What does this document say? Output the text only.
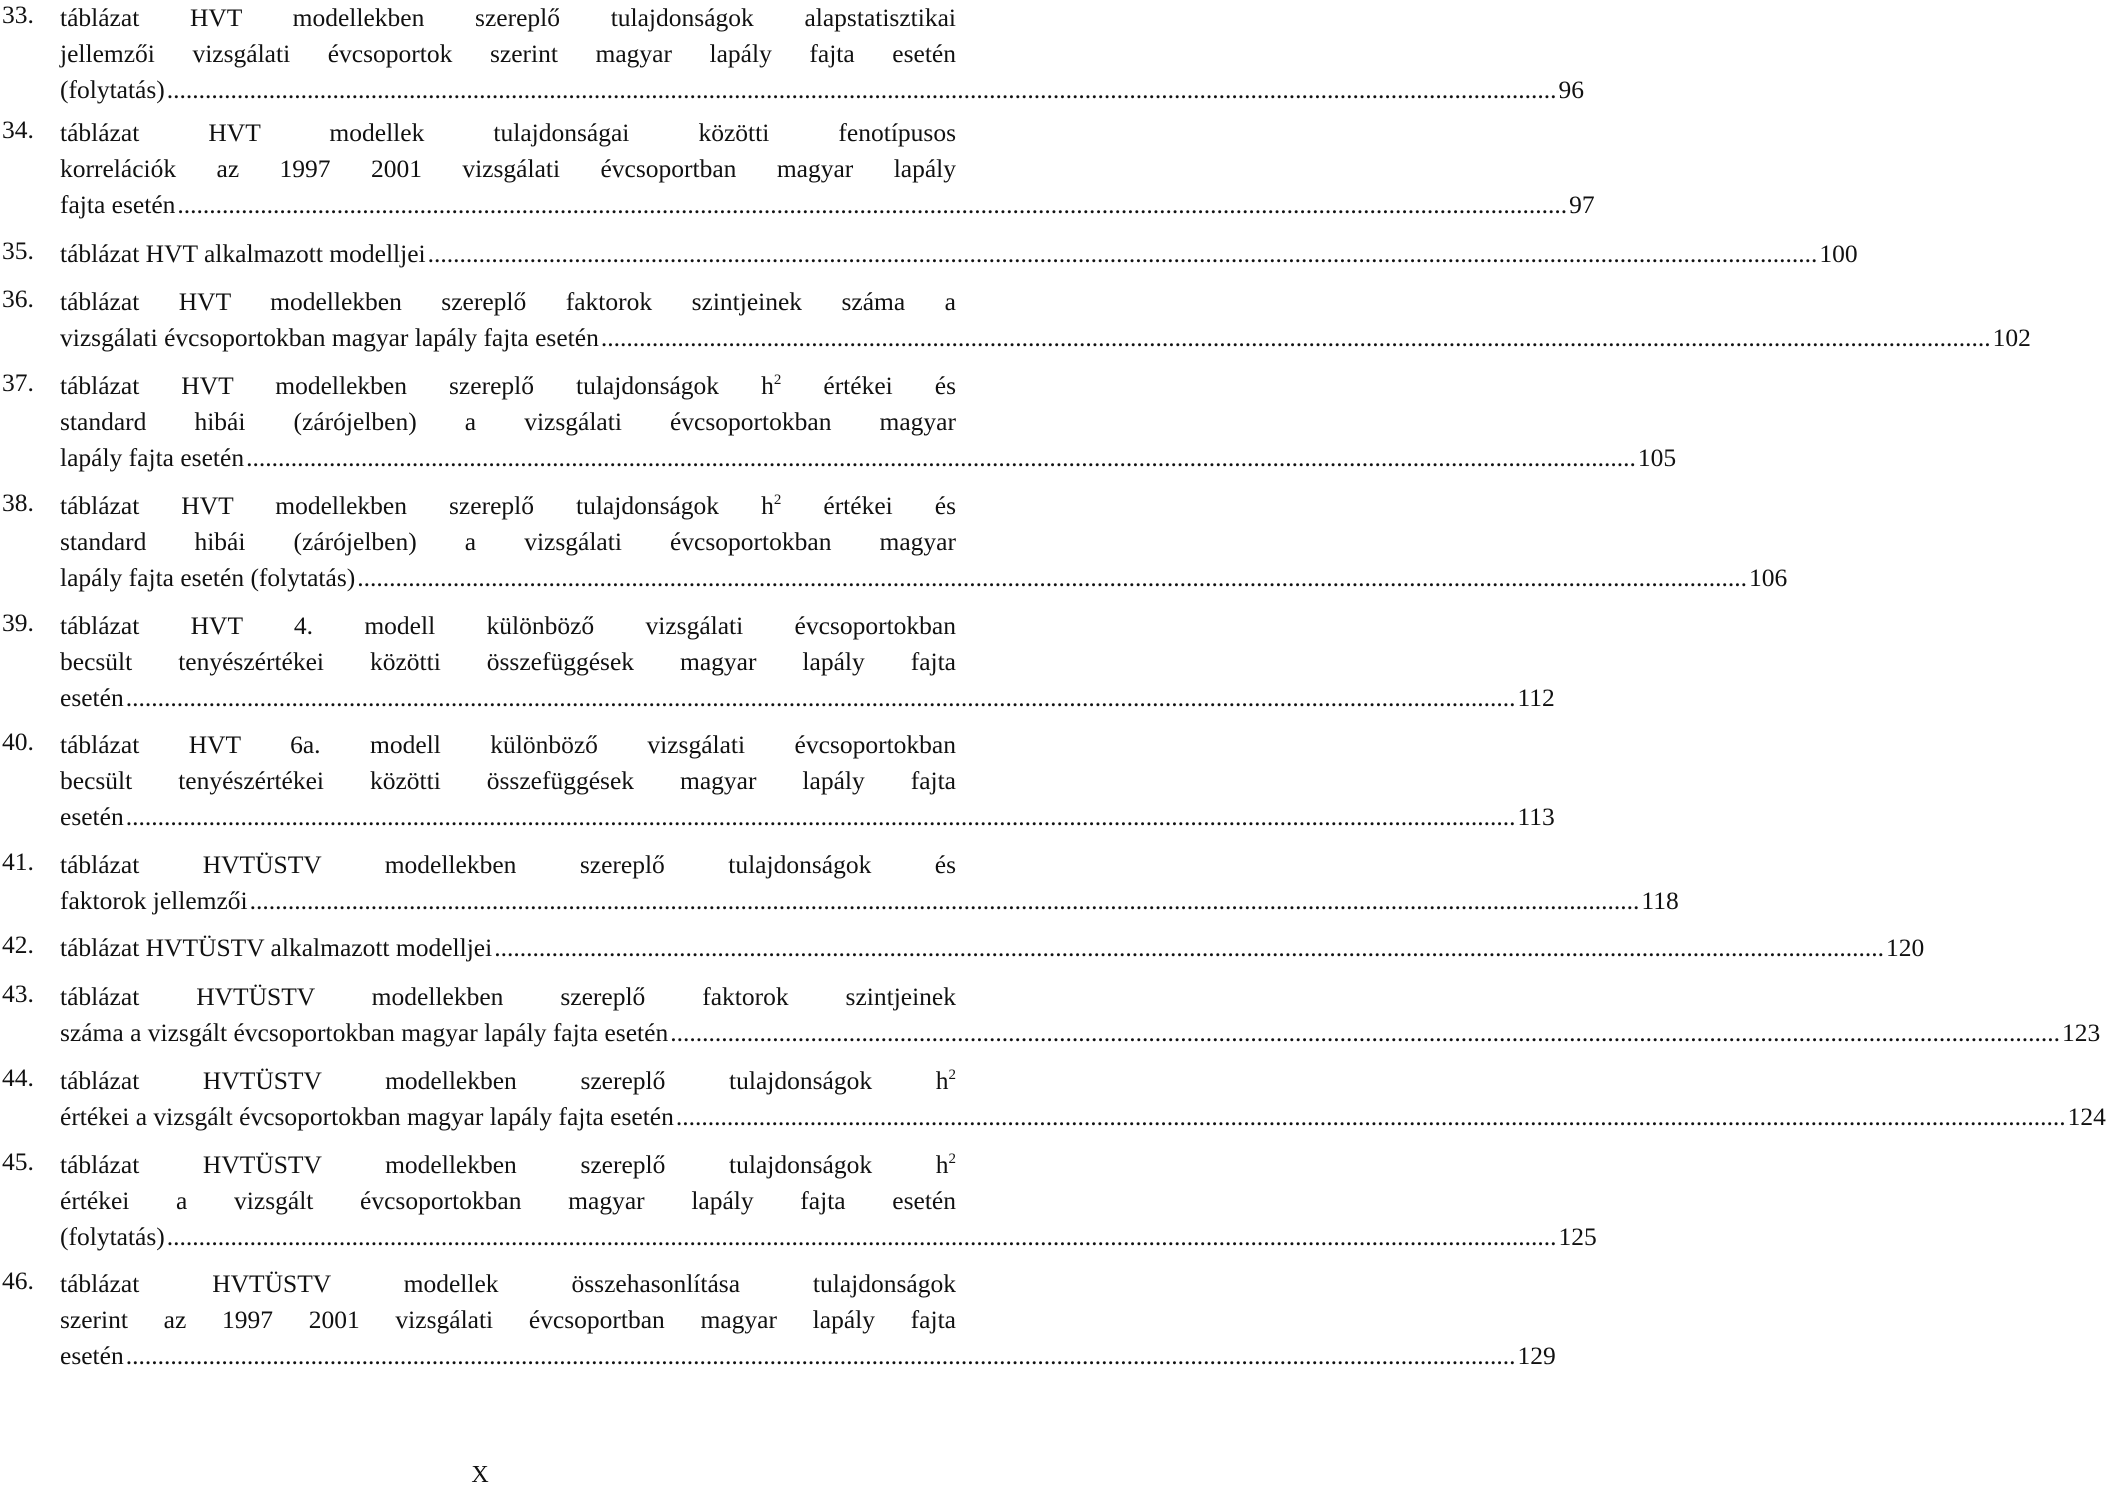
33. táblázat HVT modellekben szereplő tulajdonságok alapstatisztikai
jellemzői vizsgálati évcsoportok szerint magyar lapály fajta esetén
(folytatás) .......................................................................................................................................................................................................................... 96
34. táblázat HVT modellek tulajdonságai közötti fenotípusos
korrelációk az 1997 2001 vizsgálati évcsoportban magyar lapály
fajta esetén .......................................................................................................................................................................................................................... 97
35. táblázat HVT alkalmazott modelljei .......................................................................................................................................................................................................................... 100
36. táblázat HVT modellekben szereplő faktorok szintjeinek száma a
vizsgálati évcsoportokban magyar lapály fajta esetén .......................................................................................................................................................................................................................... 102
37. táblázat HVT modellekben szereplő tulajdonságok $h^2$ értékei és
standard hibái (zárójelben) a vizsgálati évcsoportokban magyar
lapály fajta esetén .......................................................................................................................................................................................................................... 105
38. táblázat HVT modellekben szereplő tulajdonságok $h^2$ értékei és
standard hibái (zárójelben) a vizsgálati évcsoportokban magyar
lapály fajta esetén (folytatás) .......................................................................................................................................................................................................................... 106
39. táblázat HVT 4. modell különböző vizsgálati évcsoportokban
becsült tenyészértékei közötti összefüggések magyar lapály fajta
esetén .......................................................................................................................................................................................................................... 112
40. táblázat HVT 6a. modell különböző vizsgálati évcsoportokban
becsült tenyészértékei közötti összefüggések magyar lapály fajta
esetén .......................................................................................................................................................................................................................... 113
41. táblázat HVTÜSTV modellekben szereplő tulajdonságok és
faktorok jellemzői .......................................................................................................................................................................................................................... 118
42. táblázat HVTÜSTV alkalmazott modelljei .......................................................................................................................................................................................................................... 120
43. táblázat HVTÜSTV modellekben szereplő faktorok szintjeinek
száma a vizsgált évcsoportokban magyar lapály fajta esetén .......................................................................................................................................................................................................................... 123
44. táblázat HVTÜSTV modellekben szereplő tulajdonságok $h^2$
értékei a vizsgált évcsoportokban magyar lapály fajta esetén .......................................................................................................................................................................................................................... 124
45. táblázat HVTÜSTV modellekben szereplő tulajdonságok $h^2$
értékei a vizsgált évcsoportokban magyar lapály fajta esetén
(folytatás) .......................................................................................................................................................................................................................... 125
46. táblázat HVTÜSTV modellek összehasonlítása tulajdonságok
szerint az 1997 2001 vizsgálati évcsoportban magyar lapály fajta
esetén .......................................................................................................................................................................................................................... 129
X
